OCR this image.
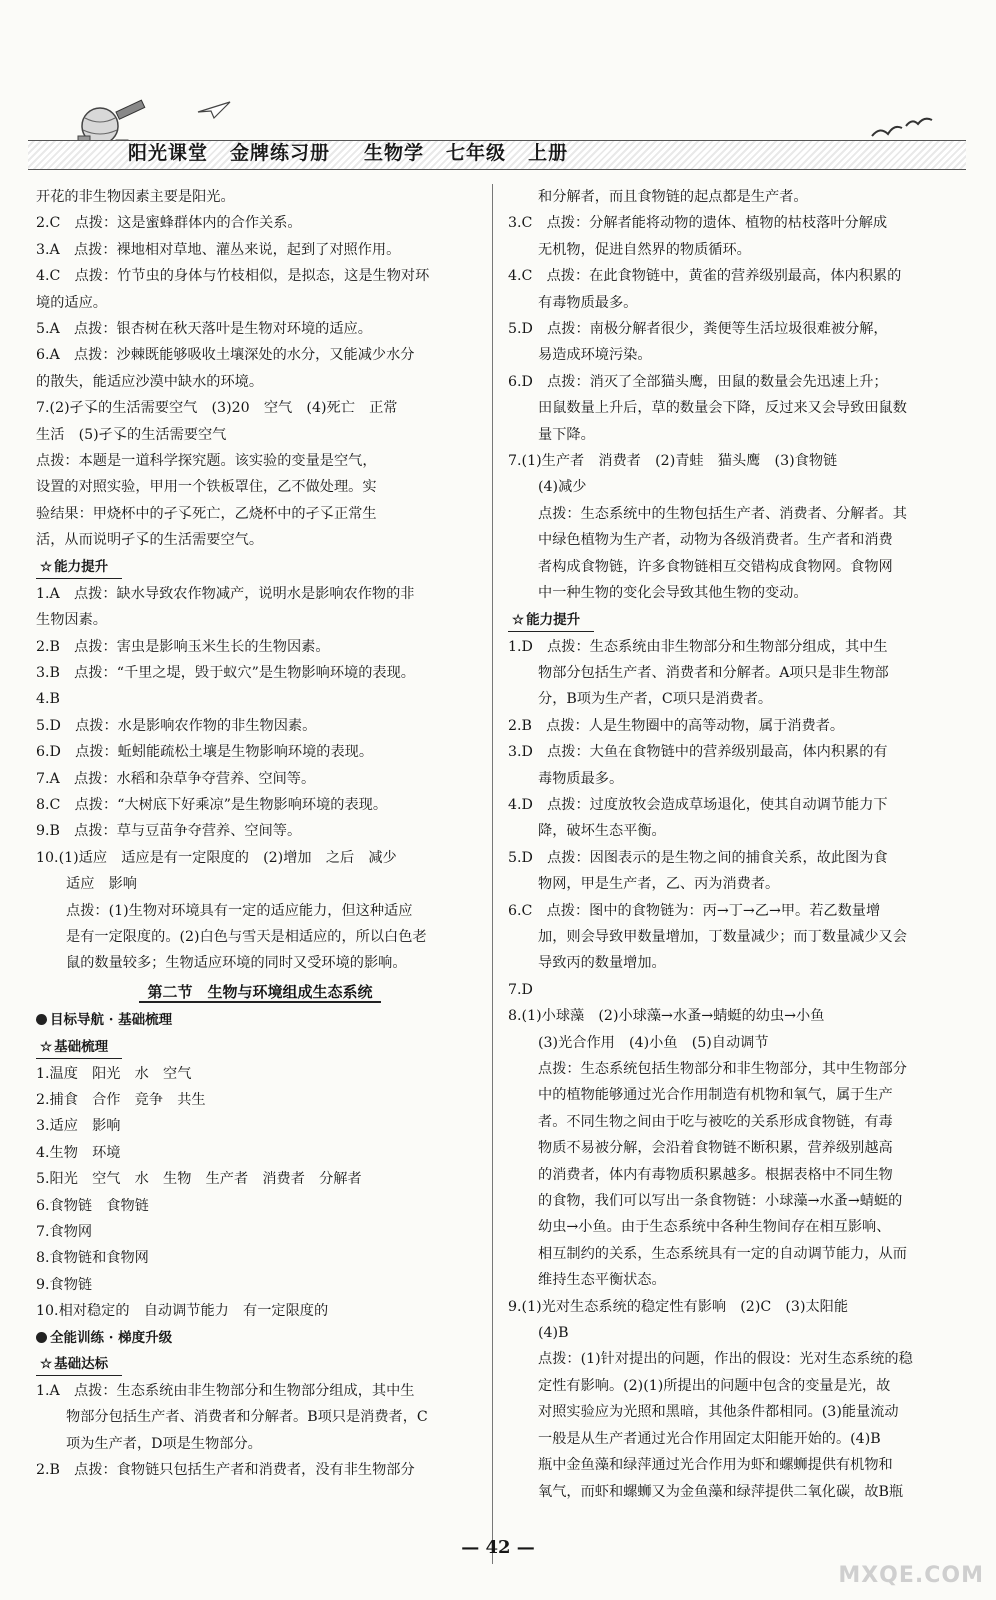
阳光课堂 金牌练习册 生物学 七年级 上册
开花的非生物因素主要是阳光。
2.C　点拨：这是蜜蜂群体内的合作关系。
3.A　点拨：裸地相对草地、灌丛来说，起到了对照作用。
4.C　点拨：竹节虫的身体与竹枝相似，是拟态，这是生物对环
境的适应。
5.A　点拨：银杏树在秋天落叶是生物对环境的适应。
6.A　点拨：沙棘既能够吸收土壤深处的水分，又能减少水分
的散失，能适应沙漠中缺水的环境。
7.(2)孑孓的生活需要空气　(3)20　空气　(4)死亡　正常
生活　(5)孑孓的生活需要空气
点拨：本题是一道科学探究题。该实验的变量是空气，
设置的对照实验，甲用一个铁板罩住，乙不做处理。实
验结果：甲烧杯中的孑孓死亡，乙烧杯中的孑孓正常生
活，从而说明孑孓的生活需要空气。
☆ 能力提升
1.A　点拨：缺水导致农作物减产，说明水是影响农作物的非
生物因素。
2.B　点拨：害虫是影响玉米生长的生物因素。
3.B　点拨：“千里之堤，毁于蚁穴”是生物影响环境的表现。
4.B
5.D　点拨：水是影响农作物的非生物因素。
6.D　点拨：蚯蚓能疏松土壤是生物影响环境的表现。
7.A　点拨：水稻和杂草争夺营养、空间等。
8.C　点拨：“大树底下好乘凉”是生物影响环境的表现。
9.B　点拨：草与豆苗争夺营养、空间等。
10.(1)适应　适应是有一定限度的　(2)增加　之后　减少
适应　影响
点拨：(1)生物对环境具有一定的适应能力，但这种适应
是有一定限度的。(2)白色与雪天是相适应的，所以白色老
鼠的数量较多；生物适应环境的同时又受环境的影响。
第二节　生物与环境组成生态系统
目标导航 · 基础梳理
☆ 基础梳理
1.温度　阳光　水　空气
2.捕食　合作　竞争　共生
3.适应　影响
4.生物　环境
5.阳光　空气　水　生物　生产者　消费者　分解者
6.食物链　食物链
7.食物网
8.食物链和食物网
9.食物链
10.相对稳定的　自动调节能力　有一定限度的
全能训练 · 梯度升级
☆ 基础达标
1.A　点拨：生态系统由非生物部分和生物部分组成，其中生
物部分包括生产者、消费者和分解者。B项只是消费者，C
项为生产者，D项是生物部分。
2.B　点拨：食物链只包括生产者和消费者，没有非生物部分
和分解者，而且食物链的起点都是生产者。
3.C　点拨：分解者能将动物的遗体、植物的枯枝落叶分解成
无机物，促进自然界的物质循环。
4.C　点拨：在此食物链中，黄雀的营养级别最高，体内积累的
有毒物质最多。
5.D　点拨：南极分解者很少，粪便等生活垃圾很难被分解，
易造成环境污染。
6.D　点拨：消灭了全部猫头鹰，田鼠的数量会先迅速上升；
田鼠数量上升后，草的数量会下降，反过来又会导致田鼠数
量下降。
7.(1)生产者　消费者　(2)青蛙　猫头鹰　(3)食物链
(4)减少
点拨：生态系统中的生物包括生产者、消费者、分解者。其
中绿色植物为生产者，动物为各级消费者。生产者和消费
者构成食物链，许多食物链相互交错构成食物网。食物网
中一种生物的变化会导致其他生物的变动。
☆ 能力提升
1.D　点拨：生态系统由非生物部分和生物部分组成，其中生
物部分包括生产者、消费者和分解者。A项只是非生物部
分，B项为生产者，C项只是消费者。
2.B　点拨：人是生物圈中的高等动物，属于消费者。
3.D　点拨：大鱼在食物链中的营养级别最高，体内积累的有
毒物质最多。
4.D　点拨：过度放牧会造成草场退化，使其自动调节能力下
降，破坏生态平衡。
5.D　点拨：因图表示的是生物之间的捕食关系，故此图为食
物网，甲是生产者，乙、丙为消费者。
6.C　点拨：图中的食物链为：丙→丁→乙→甲。若乙数量增
加，则会导致甲数量增加，丁数量减少；而丁数量减少又会
导致丙的数量增加。
7.D
8.(1)小球藻　(2)小球藻→水蚤→蜻蜓的幼虫→小鱼
(3)光合作用　(4)小鱼　(5)自动调节
点拨：生态系统包括生物部分和非生物部分，其中生物部分
中的植物能够通过光合作用制造有机物和氧气，属于生产
者。不同生物之间由于吃与被吃的关系形成食物链，有毒
物质不易被分解，会沿着食物链不断积累，营养级别越高
的消费者，体内有毒物质积累越多。根据表格中不同生物
的食物，我们可以写出一条食物链：小球藻→水蚤→蜻蜓的
幼虫→小鱼。由于生态系统中各种生物间存在相互影响、
相互制约的关系，生态系统具有一定的自动调节能力，从而
维持生态平衡状态。
9.(1)光对生态系统的稳定性有影响　(2)C　(3)太阳能
(4)B
点拨：(1)针对提出的问题，作出的假设：光对生态系统的稳
定性有影响。(2)(1)所提出的问题中包含的变量是光，故
对照实验应为光照和黑暗，其他条件都相同。(3)能量流动
一般是从生产者通过光合作用固定太阳能开始的。(4)B
瓶中金鱼藻和绿萍通过光合作用为虾和螺蛳提供有机物和
氧气，而虾和螺蛳又为金鱼藻和绿萍提供二氧化碳，故B瓶
— 42 —
MXQE.COM
